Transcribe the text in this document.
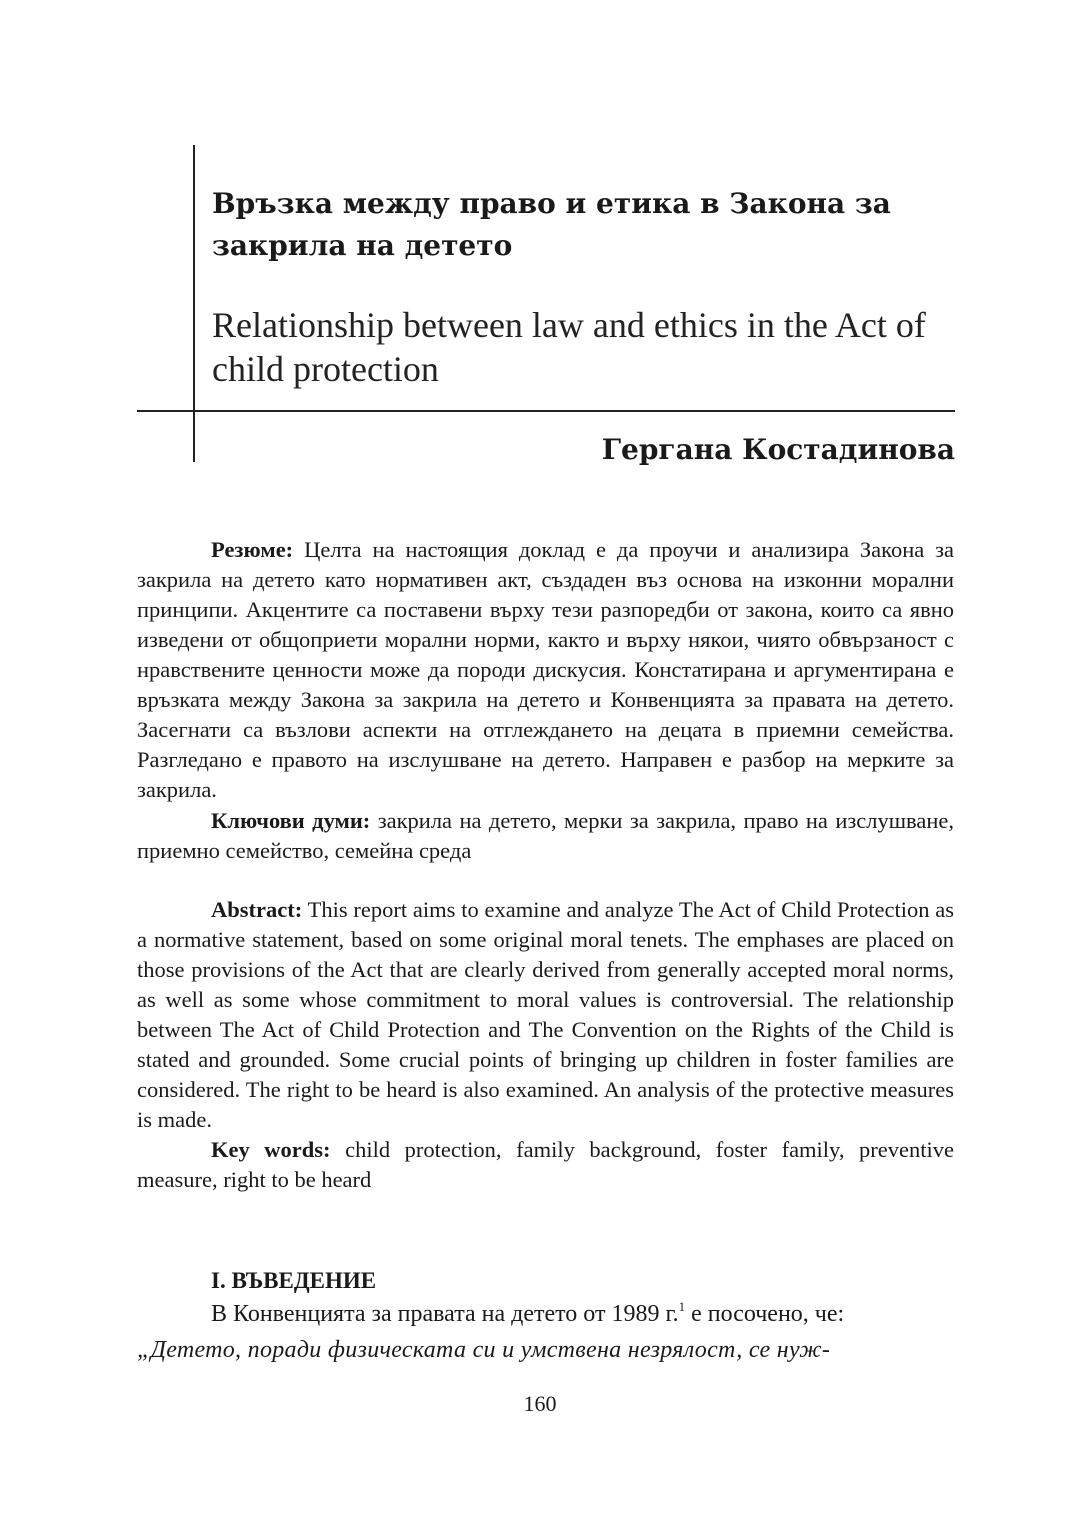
Връзка между право и етика в Закона за
закрила на детето
Relationship between law and ethics in the Act of
child protection
Гергана Костадинова
Резюме: Целта на настоящия доклад е да проучи и анализира Закона за закрила на детето като нормативен акт, създаден въз основа на изконни морални принципи. Акцентите са поставени върху тези разпоредби от закона, които са явно изведени от общоприети морални норми, както и върху някои, чиято обвързаност с нравствените ценности може да породи дискусия. Констатирана и аргументирана е връзката между Закона за закрила на детето и Конвенцията за правата на детето. Засегнати са възлови аспекти на отглеждането на децата в приемни семейства. Разгледано е правото на изслушване на детето. Направен е разбор на мерките за закрила.
Ключови думи: закрила на детето, мерки за закрила, право на изслушване, приемно семейство, семейна среда
Abstract: This report aims to examine and analyze The Act of Child Protection as a normative statement, based on some original moral tenets. The emphases are placed on those provisions of the Act that are clearly derived from generally accepted moral norms, as well as some whose commitment to moral values is controversial. The relationship between The Act of Child Protection and The Convention on the Rights of the Child is stated and grounded. Some crucial points of bringing up children in foster families are considered. The right to be heard is also examined. An analysis of the protective measures is made.
Key words: child protection, family background, foster family, preventive measure, right to be heard
I. ВЪВЕДЕНИЕ
В Конвенцията за правата на детето от 1989 г.$^1$ е посочено, че:
„Детето, поради физическата си и умствена незрялост, се нуж-
160
